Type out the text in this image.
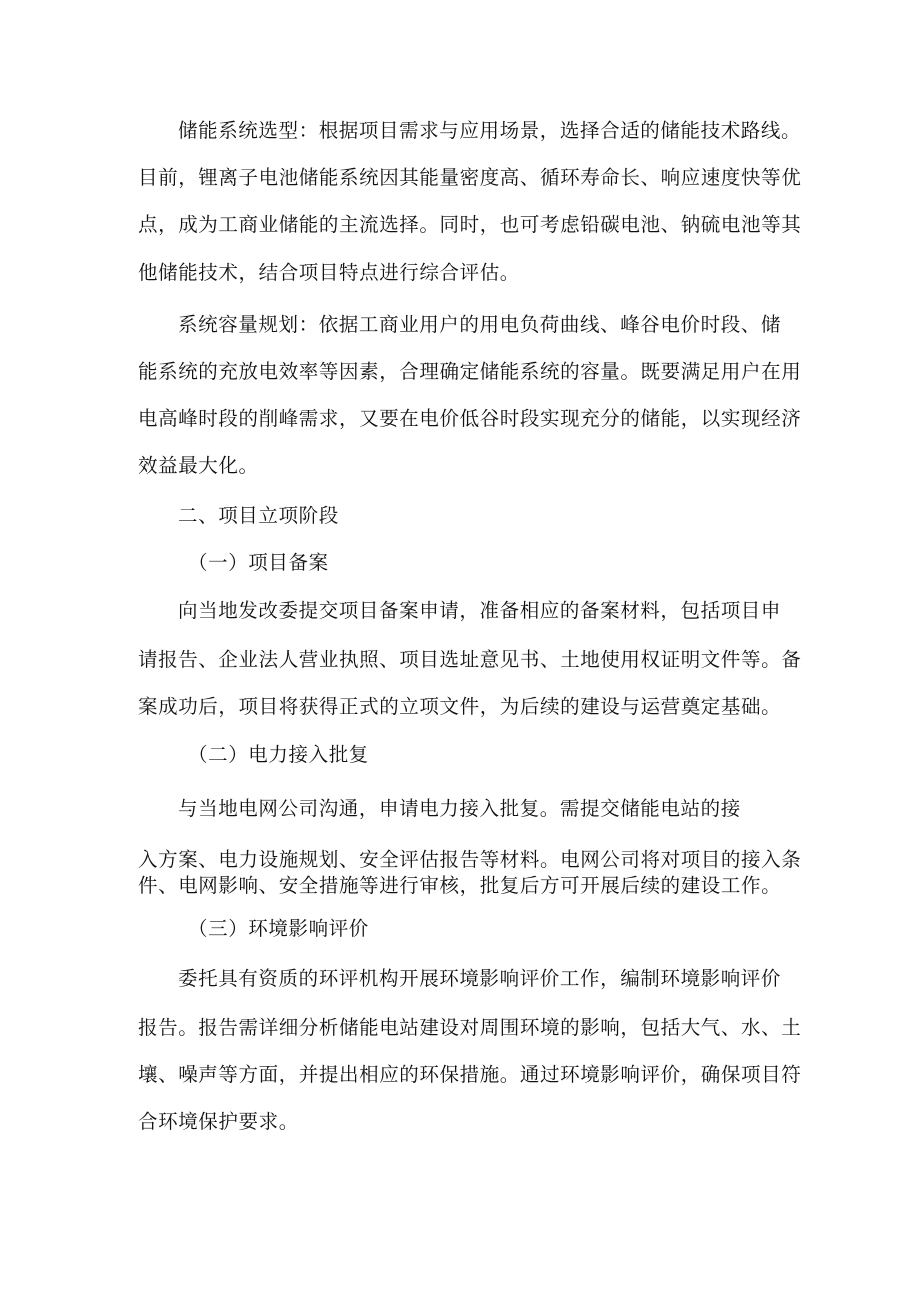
储能系统选型：根据项目需求与应用场景，选择合适的储能技术路线。
目前，锂离子电池储能系统因其能量密度高、循环寿命长、响应速度快等优
点，成为工商业储能的主流选择。同时，也可考虑铅碳电池、钠硫电池等其
他储能技术，结合项目特点进行综合评估。
系统容量规划：依据工商业用户的用电负荷曲线、峰谷电价时段、储
能系统的充放电效率等因素，合理确定储能系统的容量。既要满足用户在用
电高峰时段的削峰需求，又要在电价低谷时段实现充分的储能，以实现经济
效益最大化。
二、项目立项阶段
（一）项目备案
向当地发改委提交项目备案申请，准备相应的备案材料，包括项目申
请报告、企业法人营业执照、项目选址意见书、土地使用权证明文件等。备
案成功后，项目将获得正式的立项文件，为后续的建设与运营奠定基础。
（二）电力接入批复
与当地电网公司沟通，申请电力接入批复。需提交储能电站的接
入方案、电力设施规划、安全评估报告等材料。电网公司将对项目的接入条
件、电网影响、安全措施等进行审核，批复后方可开展后续的建设工作。
（三）环境影响评价
委托具有资质的环评机构开展环境影响评价工作，编制环境影响评价
报告。报告需详细分析储能电站建设对周围环境的影响，包括大气、水、土
壤、噪声等方面，并提出相应的环保措施。通过环境影响评价，确保项目符
合环境保护要求。
